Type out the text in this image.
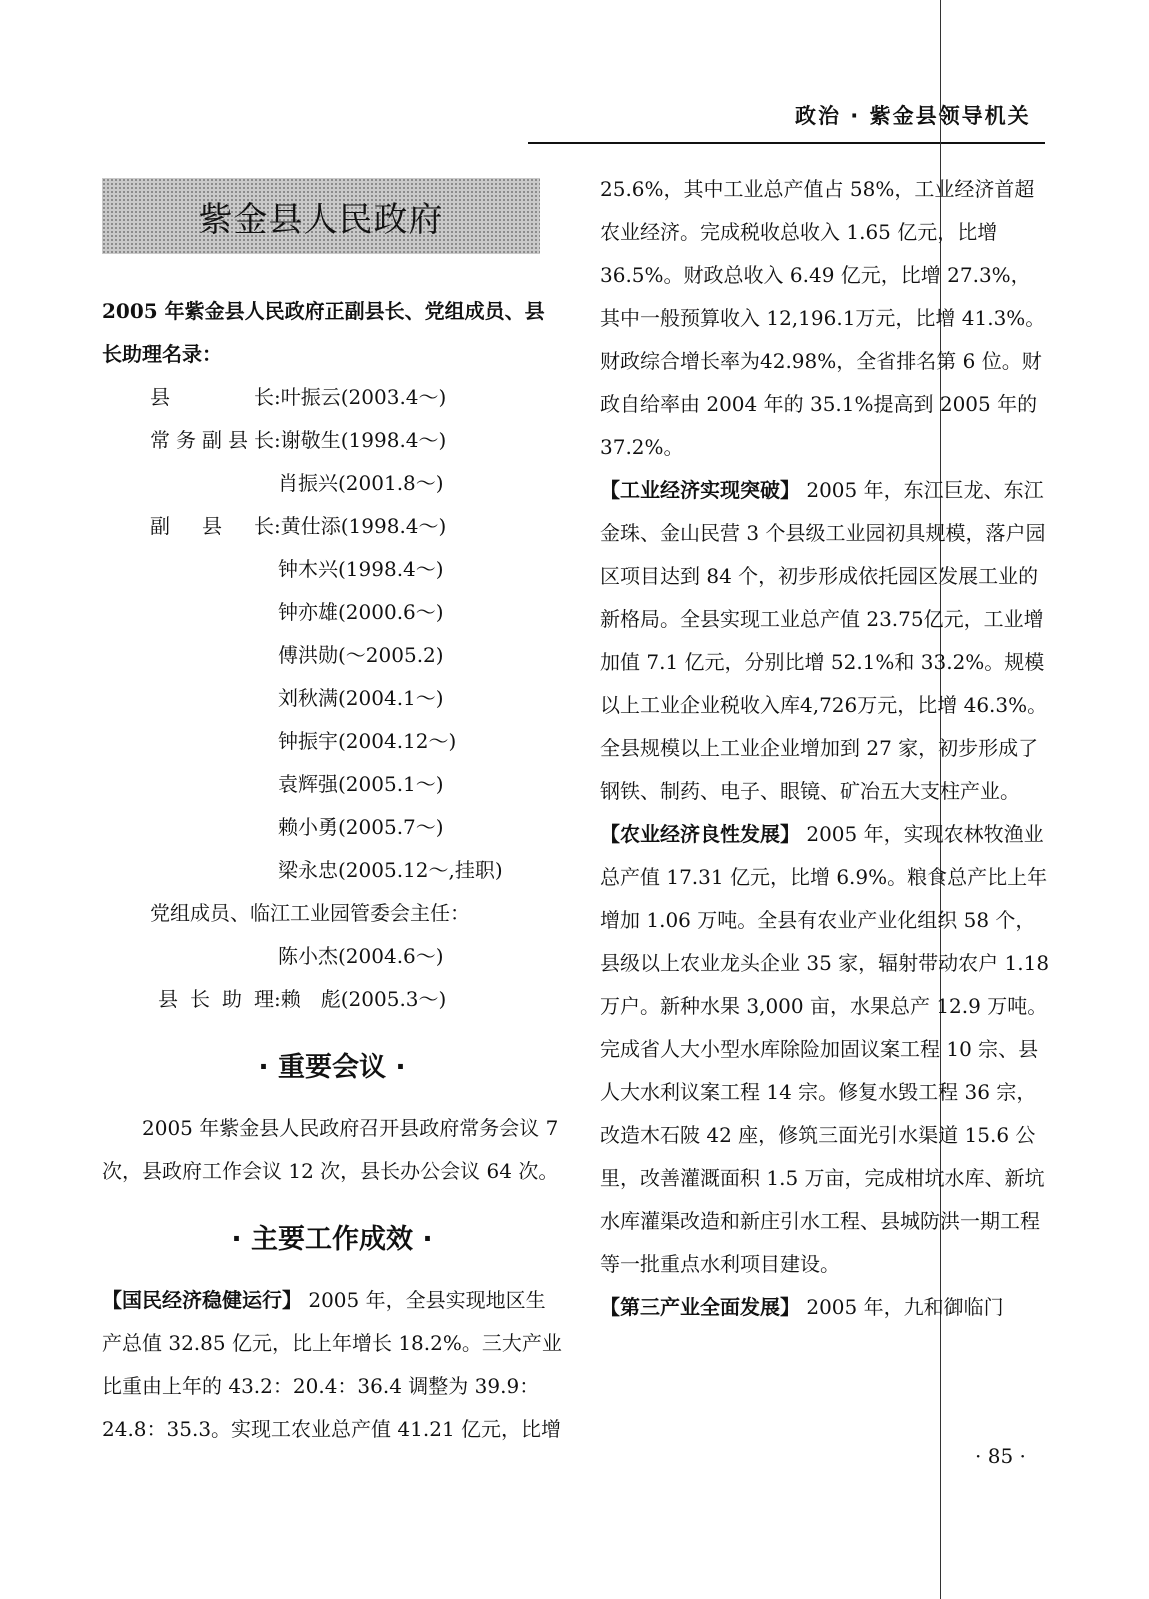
政治 · 紫金县领导机关
紫金县人民政府

2005 年紫金县人民政府正副县长、党组成员、县长助理名录：

县长:叶振云(2003.4～)
常务副县长:谢敬生(1998.4～)
肖振兴(2001.8～)
副县长:黄仕添(1998.4～)
钟木兴(1998.4～)
钟亦雄(2000.6～)
傅洪勋(～2005.2)
刘秋满(2004.1～)
钟振宇(2004.12～)
袁辉强(2005.1～)
赖小勇(2005.7～)
梁永忠(2005.12～,挂职)
党组成员、临江工业园管委会主任：
陈小杰(2004.6～)
县长助理:赖　彪(2005.3～)
· 重要会议 ·

2005 年紫金县人民政府召开县政府常务会议 7 次，县政府工作会议 12 次，县长办公会议 64 次。

· 主要工作成效 ·

【国民经济稳健运行】 2005 年，全县实现地区生产总值 32.85 亿元，比上年增长 18.2%。三大产业比重由上年的 43.2：20.4：36.4 调整为 39.9：24.8：35.3。实现工农业总产值 41.21 亿元，比增

25.6%，其中工业总产值占 58%，工业经济首超农业经济。完成税收总收入 1.65 亿元，比增 36.5%。财政总收入 6.49 亿元，比增 27.3%，其中一般预算收入 12,196.1万元，比增 41.3%。财政综合增长率为42.98%，全省排名第 6 位。财政自给率由 2004 年的 35.1%提高到 2005 年的 37.2%。

【工业经济实现突破】 2005 年，东江巨龙、东江金珠、金山民营 3 个县级工业园初具规模，落户园区项目达到 84 个，初步形成依托园区发展工业的新格局。全县实现工业总产值 23.75亿元，工业增加值 7.1 亿元，分别比增 52.1%和 33.2%。规模以上工业企业税收入库4,726万元，比增 46.3%。全县规模以上工业企业增加到 27 家，初步形成了钢铁、制药、电子、眼镜、矿冶五大支柱产业。

【农业经济良性发展】 2005 年，实现农林牧渔业总产值 17.31 亿元，比增 6.9%。粮食总产比上年增加 1.06 万吨。全县有农业产业化组织 58 个，县级以上农业龙头企业 35 家，辐射带动农户 1.18 万户。新种水果 3,000 亩，水果总产 12.9 万吨。完成省人大小型水库除险加固议案工程 10 宗、县人大水利议案工程 14 宗。修复水毁工程 36 宗，改造木石陂 42 座，修筑三面光引水渠道 15.6 公里，改善灌溉面积 1.5 万亩，完成柑坑水库、新坑水库灌渠改造和新庄引水工程、县城防洪一期工程等一批重点水利项目建设。

【第三产业全面发展】 2005 年，九和御临门

· 85 ·
